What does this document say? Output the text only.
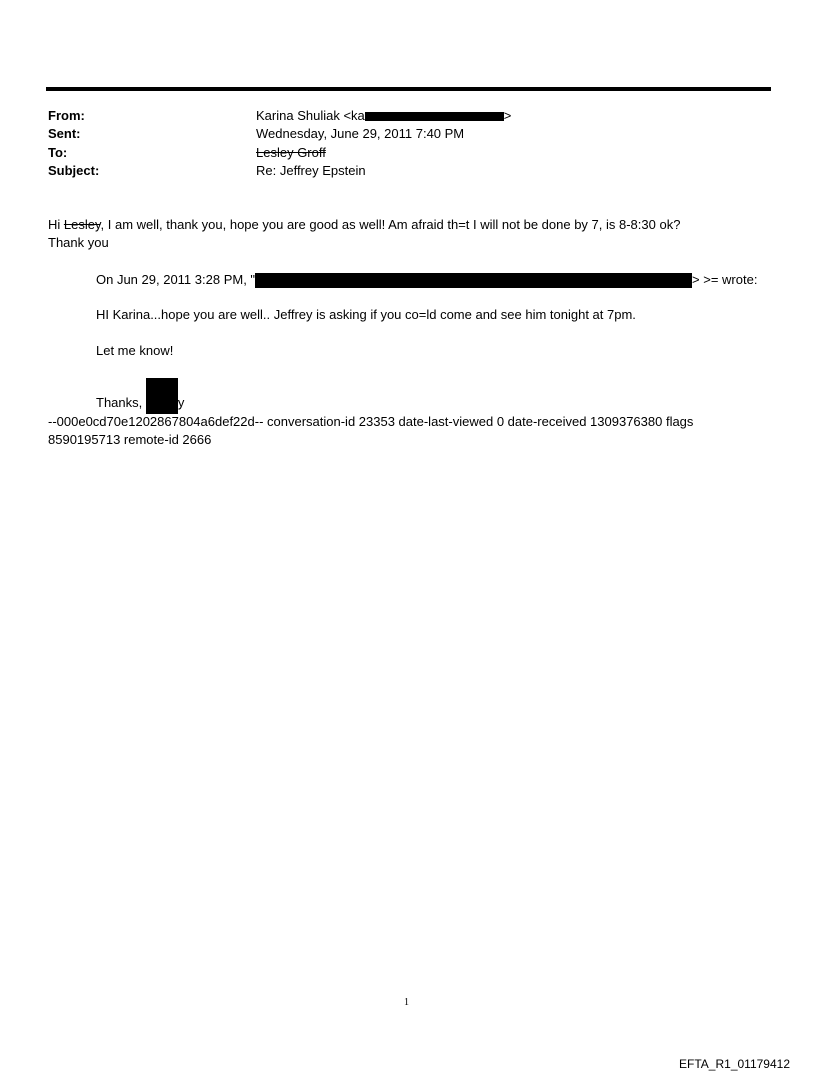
From:	Karina Shuliak <ka	>
Sent:	Wednesday, June 29, 2011 7:40 PM
To:	Lesley Groff
Subject:	Re: Jeffrey Epstein
Hi Lesley, I am well, thank you, hope you are good as well! Am afraid th=t I will not be done by 7, is 8-8:30 ok?
Thank you
On Jun 29, 2011 3:28 PM, "	> >= wrote:
HI Karina...hope you are well.. Jeffrey is asking if you co=ld come and see him tonight at 7pm.
Let me know!
Thanks, y
--000e0cd70e1202867804a6def22d-- conversation-id 23353 date-last-viewed 0 date-received 1309376380 flags
8590195713 remote-id 2666
1
EFTA_R1_01179412
